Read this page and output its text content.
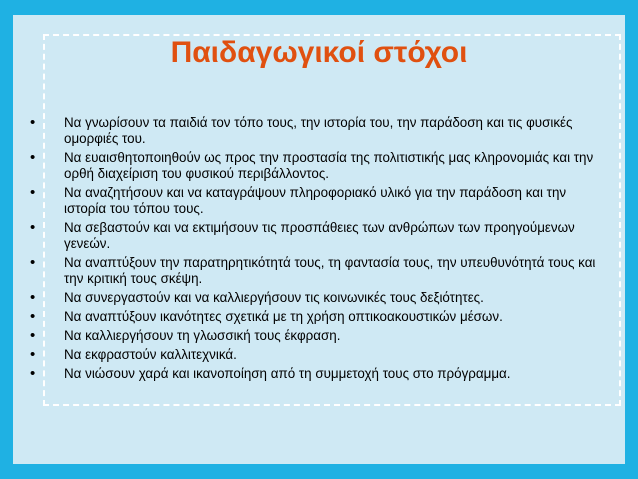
Παιδαγωγικοί στόχοι
• Να γνωρίσουν τα παιδιά τον τόπο τους, την ιστορία του, την παράδοση και τις φυσικές ομορφιές του.
• Να ευαισθητοποιηθούν ως προς την προστασία της πολιτιστικής μας κληρονομιάς και την ορθή διαχείριση του φυσικού περιβάλλοντος.
• Να αναζητήσουν και να καταγράψουν πληροφοριακό υλικό για την παράδοση και την ιστορία του τόπου τους.
• Να σεβαστούν και να εκτιμήσουν τις προσπάθειες των ανθρώπων των προηγούμενων γενεών.
• Να αναπτύξουν την παρατηρητικότητά τους, τη φαντασία τους, την υπευθυνότητά τους και την κριτική τους σκέψη.
• Να συνεργαστούν και να καλλιεργήσουν τις κοινωνικές τους δεξιότητες.
• Να αναπτύξουν ικανότητες σχετικά με τη χρήση οπτικοακουστικών μέσων.
• Να καλλιεργήσουν τη γλωσσική τους έκφραση.
• Να εκφραστούν καλλιτεχνικά.
• Να νιώσουν χαρά και ικανοποίηση από τη συμμετοχή τους στο πρόγραμμα.
